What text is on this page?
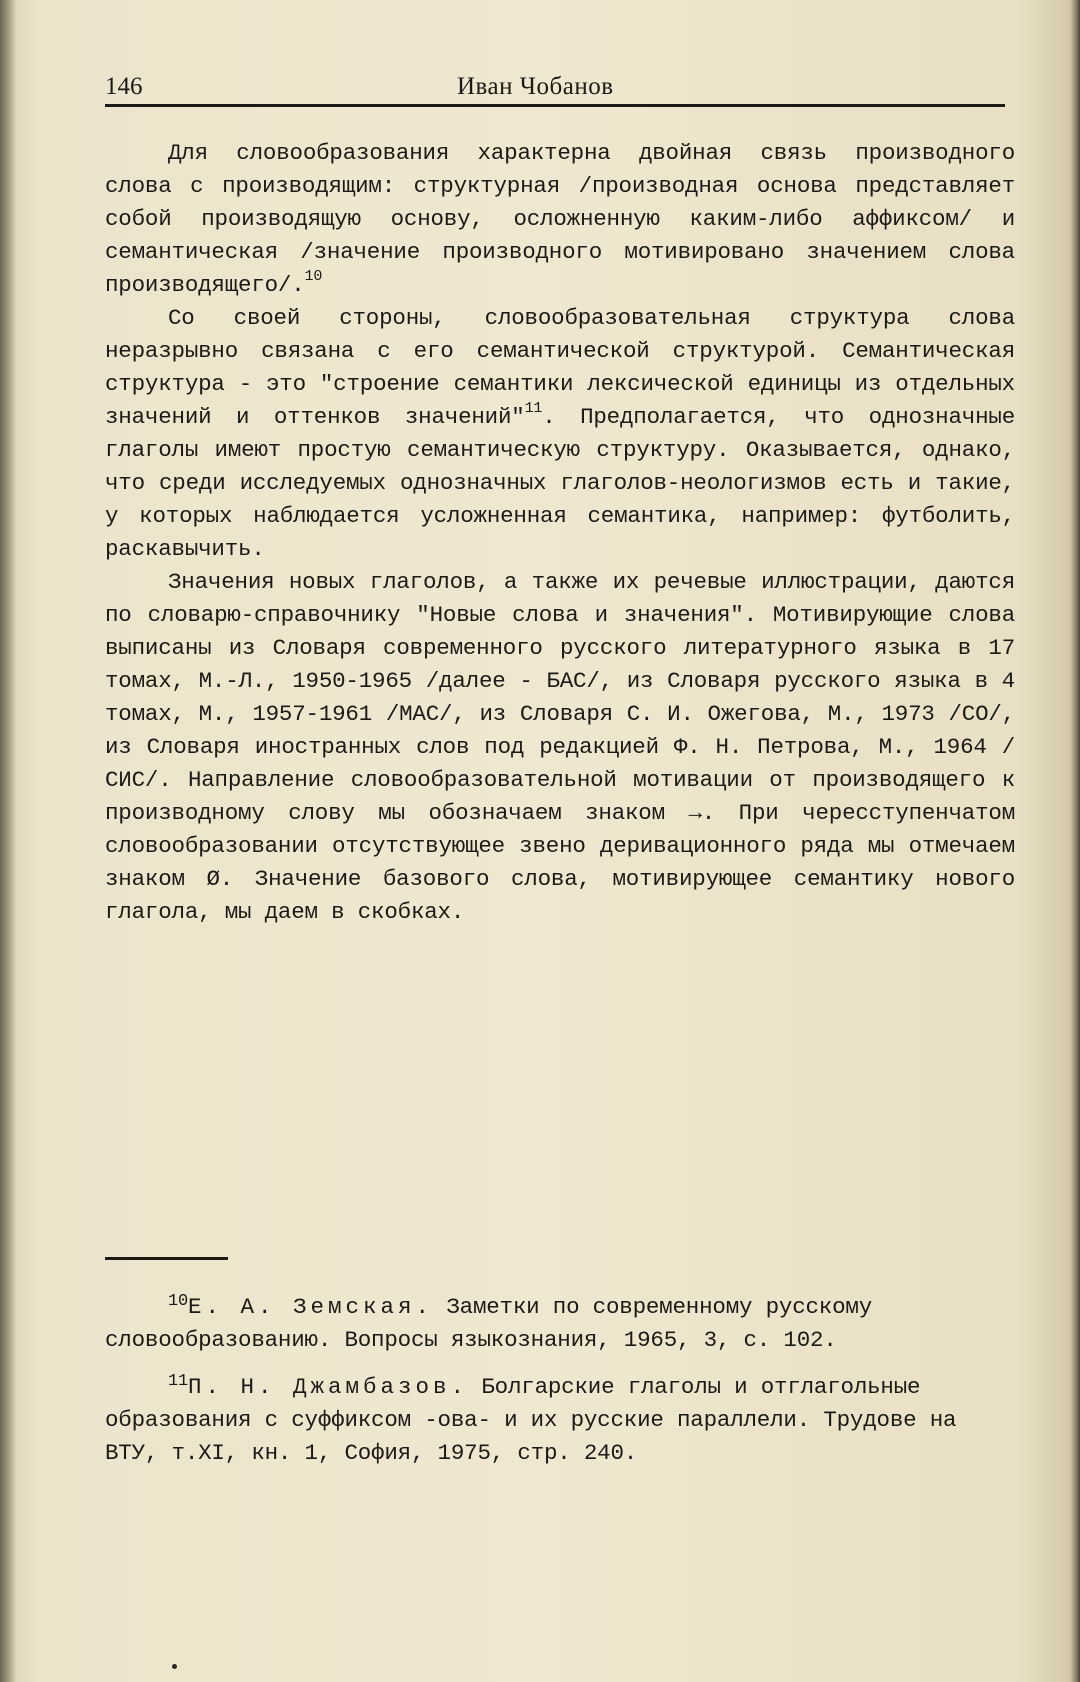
146	Иван Чобанов

Для словообразования характерна двойная связь производного слова с производящим: структурная /производная основа представляет собой производящую основу, осложненную каким-либо аффиксом/ и семантическая /значение производного мотивировано значением слова производящего/.$^{10}$

Со своей стороны, словообразовательная структура слова неразрывно связана с его семантической структурой. Семантическая структура - это "строение семантики лексической единицы из отдельных значений и оттенков значений"$^{11}$. Предполагается, что однозначные глаголы имеют простую семантическую структуру. Оказывается, однако, что среди исследуемых однозначных глаголов-неологизмов есть и такие, у которых наблюдается усложненная семантика, например: футболить, раскавычить.

Значения новых глаголов, а также их речевые иллюстрации, даются по словарю-справочнику "Новые слова и значения". Мотивирующие слова выписаны из Словаря современного русского литературного языка в 17 томах, М.-Л., 1950-1965 /далее - БАС/, из Словаря русского языка в 4 томах, М., 1957-1961 /МАС/, из Словаря С. И. Ожегова, М., 1973 /СО/, из Словаря иностранных слов под редакцией Ф. Н. Петрова, М., 1964 /СИС/. Направление словообразовательной мотивации от производящего к производному слову мы обозначаем знаком →. При чересступенчатом словообразовании отсутствующее звено деривационного ряда мы отмечаем знаком Ø. Значение базового слова, мотивирующее семантику нового глагола, мы даем в скобках.

$^{10}$Е. А. Земская. Заметки по современному русскому словообразованию. Вопросы языкознания, 1965, 3, с. 102.

$^{11}$П. Н. Джамбазов. Болгарские глаголы и отглагольные образования с суффиксом -ова- и их русские параллели. Трудове на ВТУ, т.XI, кн. 1, София, 1975, стр. 240.
